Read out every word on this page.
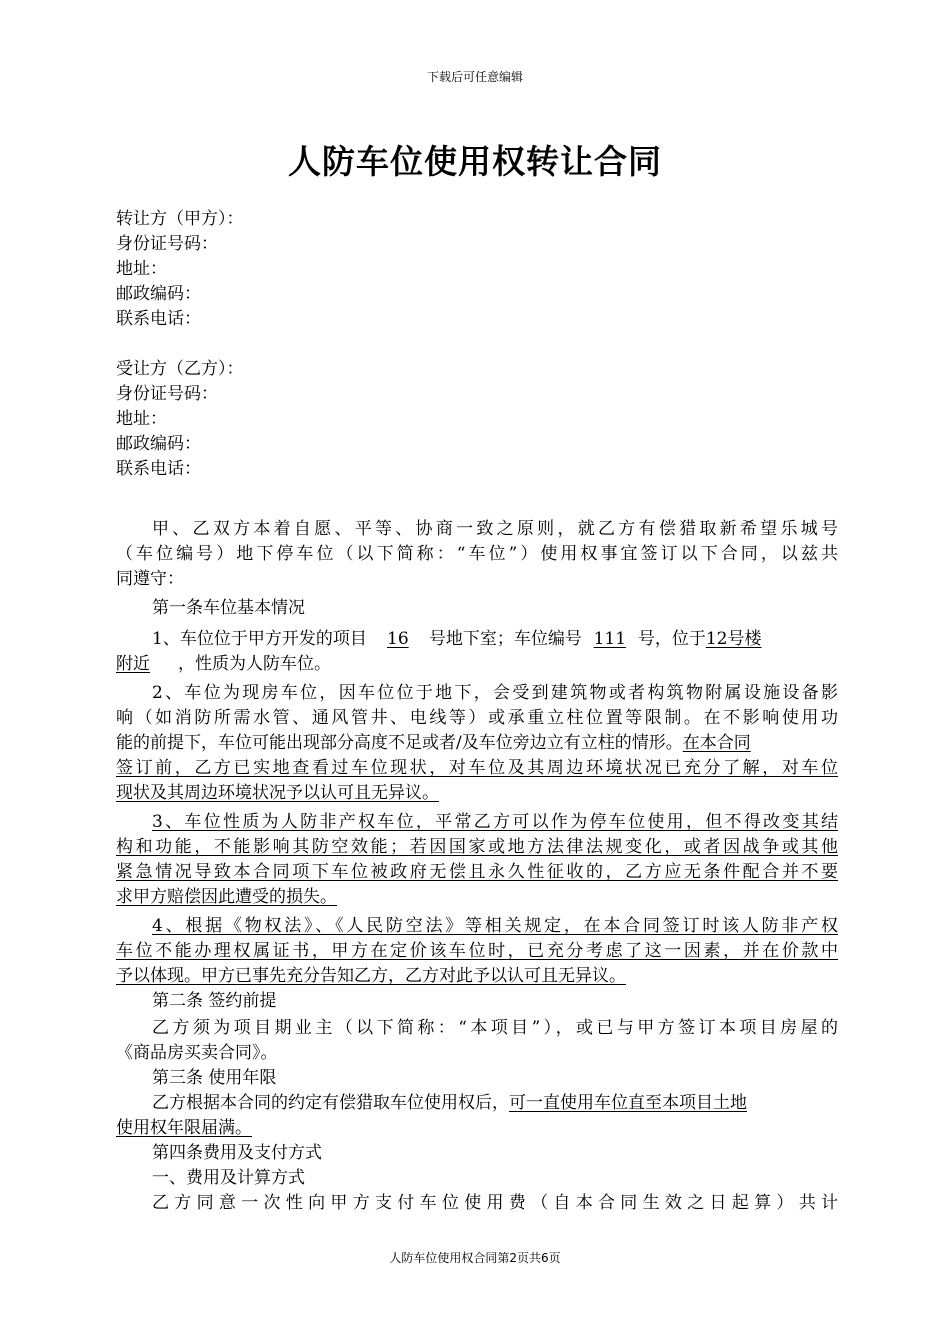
下载后可任意编辑
人防车位使用权转让合同
转让方（甲方）：
身份证号码：
地址：
邮政编码：
联系电话：
受让方（乙方）：
身份证号码：
地址：
邮政编码：
联系电话：
甲、乙双方本着自愿、平等、协商一致之原则，就乙方有偿猎取新希望乐城号
（车位编号）地下停车位（以下简称：“车位”）使用权事宜签订以下合同，以兹共
同遵守：
第一条车位基本情况
1、车位位于甲方开发的项目 16 号地下室；车位编号 111 号，位于12号楼
附近 ，性质为人防车位。
2、车位为现房车位，因车位位于地下，会受到建筑物或者构筑物附属设施设备影
响（如消防所需水管、通风管井、电线等）或承重立柱位置等限制。在不影响使用功
能的前提下，车位可能出现部分高度不足或者/及车位旁边立有立柱的情形。在本合同
签订前，乙方已实地查看过车位现状，对车位及其周边环境状况已充分了解，对车位
现状及其周边环境状况予以认可且无异议。
3、车位性质为人防非产权车位，平常乙方可以作为停车位使用，但不得改变其结
构和功能，不能影响其防空效能；若因国家或地方法律法规变化，或者因战争或其他
紧急情况导致本合同项下车位被政府无偿且永久性征收的，乙方应无条件配合并不要
求甲方赔偿因此遭受的损失。
4、根据《物权法》、《人民防空法》等相关规定，在本合同签订时该人防非产权
车位不能办理权属证书，甲方在定价该车位时，已充分考虑了这一因素，并在价款中
予以体现。甲方已事先充分告知乙方，乙方对此予以认可且无异议。
第二条 签约前提
乙方须为项目期业主（以下简称：“本项目”），或已与甲方签订本项目房屋的
《商品房买卖合同》。
第三条 使用年限
乙方根据本合同的约定有偿猎取车位使用权后，可一直使用车位直至本项目土地
使用权年限届满。
第四条费用及支付方式
一、费用及计算方式
乙方同意一次性向甲方支付车位使用费（自本合同生效之日起算）共计
人防车位使用权合同第2页共6页
